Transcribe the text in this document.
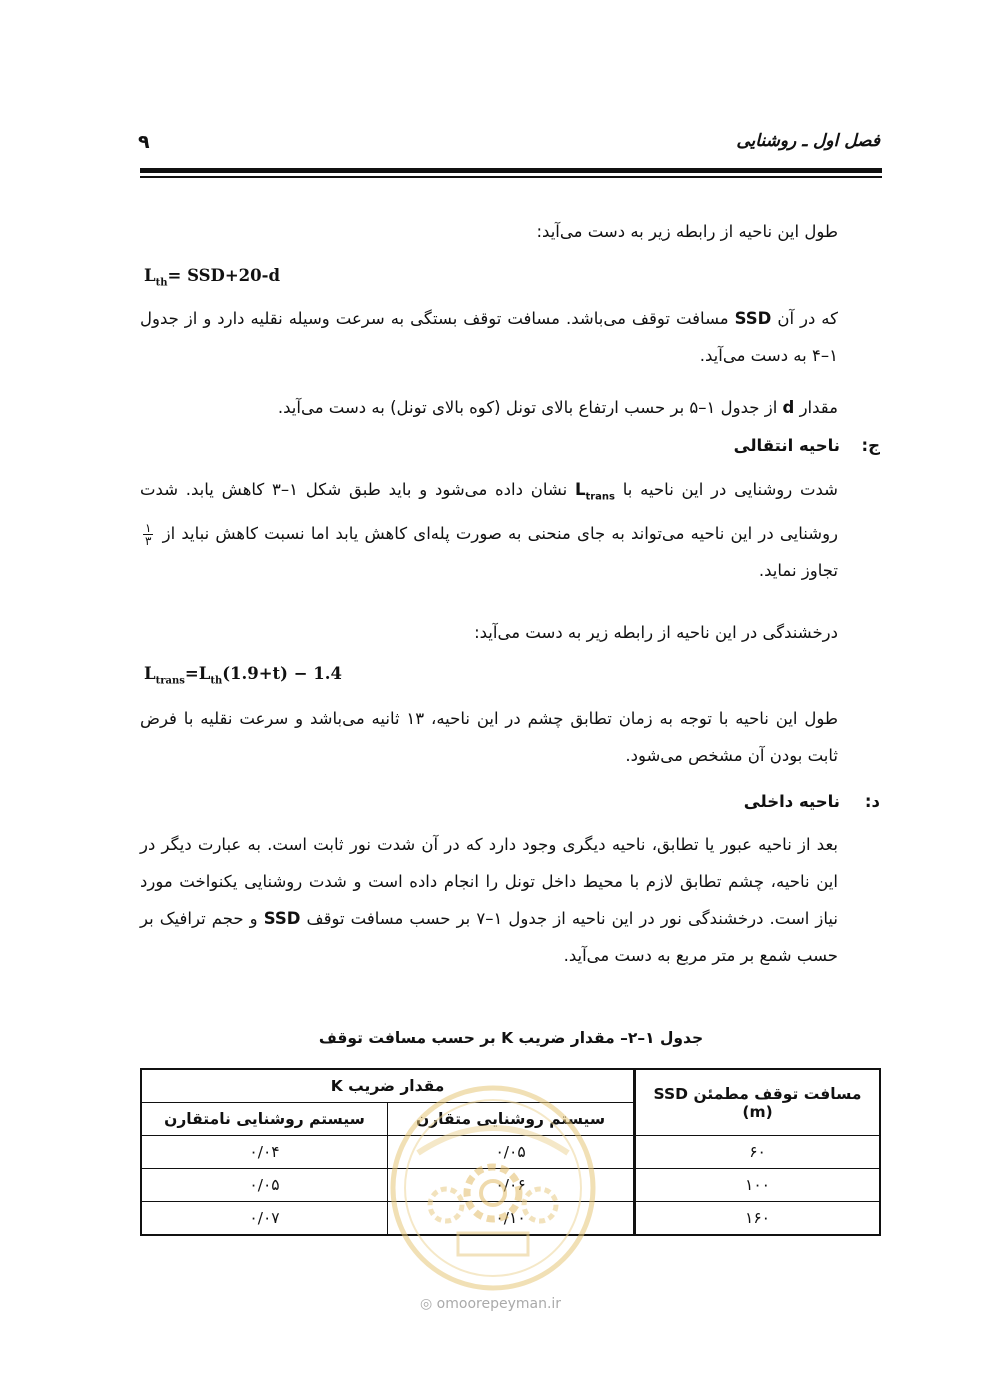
فصل اول ـ روشنایی
۹
طول این ناحیه از رابطه زیر به دست می‌آید:
$L_{th}= SSD+20-d$
که در آن SSD مسافت توقف می‌باشد. مسافت توقف بستگی به سرعت وسیله نقلیه دارد و از جدول ۱–۴ به دست می‌آید.
مقدار d از جدول ۱–۵ بر حسب ارتفاع بالای تونل (کوه بالای تونل) به دست می‌آید.
ج:ناحیه انتقالی
شدت روشنایی در این ناحیه با $L_{trans}$ نشان داده می‌شود و باید طبق شکل ۱–۳ کاهش یابد. شدت روشنایی در این ناحیه می‌تواند به جای منحنی به صورت پله‌ای کاهش یابد اما نسبت کاهش نباید از
$\frac{۱}{۳}$
تجاوز نماید.
درخشندگی در این ناحیه از رابطه زیر به دست می‌آید:
$L_{trans}=L_{th}(1.9+t) - 1.4$
طول این ناحیه با توجه به زمان تطابق چشم در این ناحیه، ۱۳ ثانیه می‌باشد و سرعت نقلیه با فرض ثابت بودن آن مشخص می‌شود.
د:ناحیه داخلی
بعد از ناحیه عبور یا تطابق، ناحیه دیگری وجود دارد که در آن شدت نور ثابت است. به عبارت دیگر در این ناحیه، چشم تطابق لازم با محیط داخل تونل را انجام داده است و شدت روشنایی یکنواخت مورد نیاز است. درخشندگی نور در این ناحیه از جدول ۱–۷ بر حسب مسافت توقف SSD و حجم ترافیک بر حسب شمع بر متر مربع به دست می‌آید.
جدول ۱–۲– مقدار ضریب K بر حسب مسافت توقف
مسافت توقف مطمئن SSD (m)	مقدار ضریب K	
	سیستم روشنایی متقارن	سیستم روشنایی نامتقارن
۶۰	۰/۰۵	۰/۰۴
۱۰۰	۰/۰۶	۰/۰۵
۱۶۰	۰/۱۰	۰/۰۷
◎ omoorepeyman.ir
